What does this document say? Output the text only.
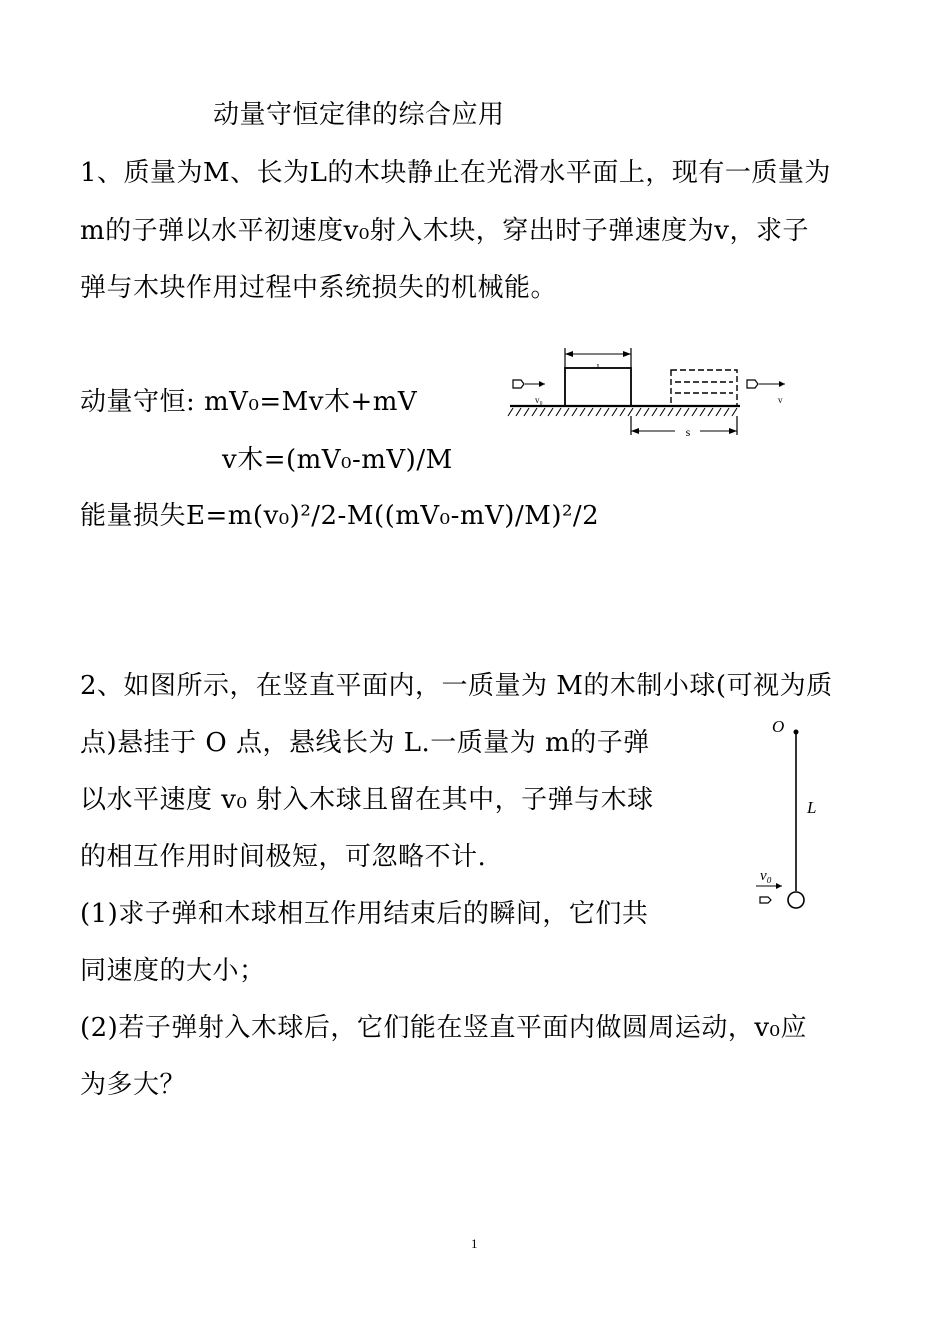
动量守恒定律的综合应用
1、质量为M、长为L的木块静止在光滑水平面上，现有一质量为
m的子弹以水平初速度v₀射入木块，穿出时子弹速度为v，求子
弹与木块作用过程中系统损失的机械能。
动量守恒: mV₀=Mv木+mV
v木=(mV₀-mV)/M
能量损失E=m(v₀)²/2-M((mV₀-mV)/M)²/2
v₀	v
s
2、如图所示，在竖直平面内，一质量为 M的木制小球(可视为质
点)悬挂于 O 点，悬线长为 L.一质量为 m的子弹
以水平速度 v₀ 射入木球且留在其中，子弹与木球
的相互作用时间极短，可忽略不计.
(1)求子弹和木球相互作用结束后的瞬间，它们共
同速度的大小；
(2)若子弹射入木球后，它们能在竖直平面内做圆周运动，v₀应
为多大？
O
L
v₀
1
